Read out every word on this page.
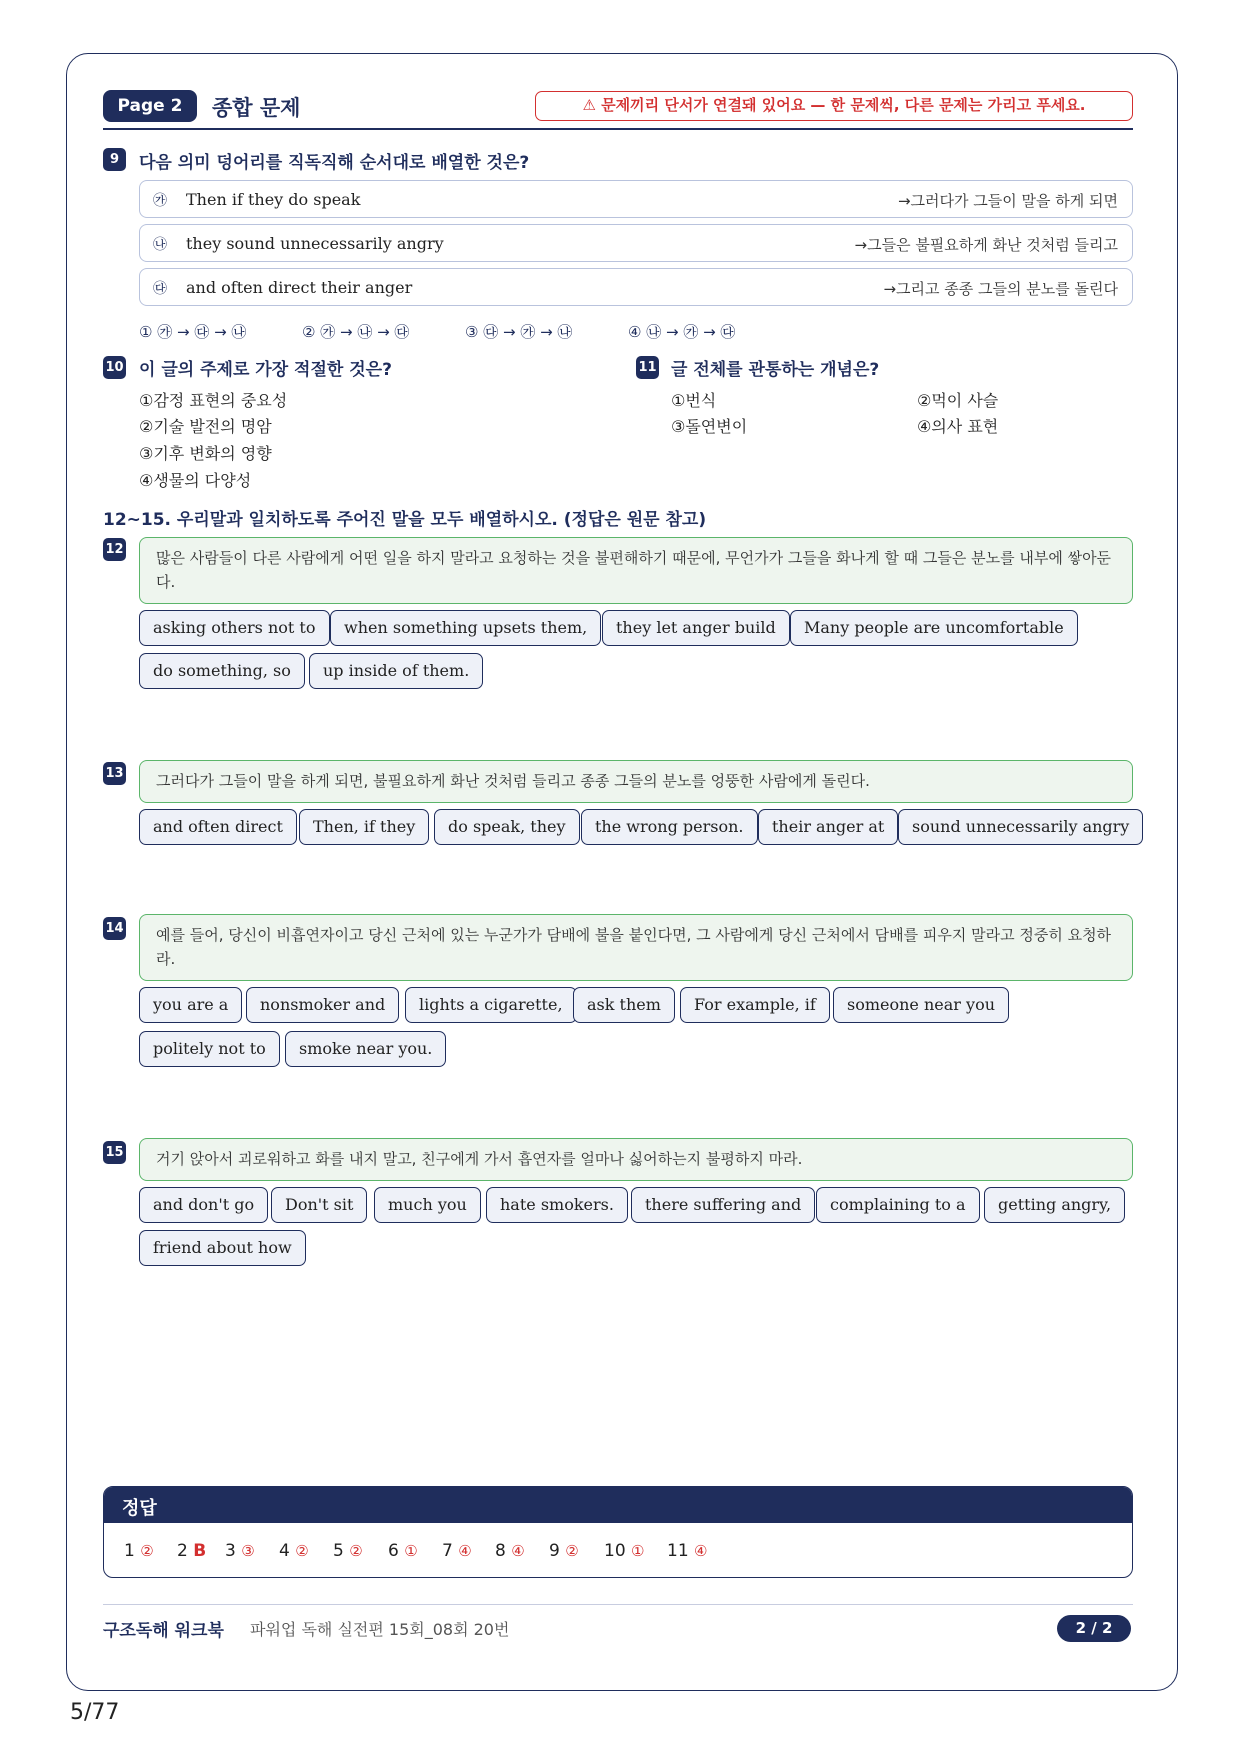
Page 2	종합 문제	⚠ 문제끼리 단서가 연결돼 있어요 — 한 문제씩, 다른 문제는 가리고 푸세요.
9	다음 의미 덩어리를 직독직해 순서대로 배열한 것은?
㉮ Then if they do speak	→그러다가 그들이 말을 하게 되면
㉯ they sound unnecessarily angry	→그들은 불필요하게 화난 것처럼 들리고
㉰ and often direct their anger	→그리고 종종 그들의 분노를 돌린다
① ㉮ → ㉰ → ㉯	② ㉮ → ㉯ → ㉰	③ ㉰ → ㉮ → ㉯	④ ㉯ → ㉮ → ㉰
10 이 글의 주제로 가장 적절한 것은?
①감정 표현의 중요성
②기술 발전의 명암
③기후 변화의 영향
④생물의 다양성
11 글 전체를 관통하는 개념은?
①번식	②먹이 사슬
③돌연변이	④의사 표현
12~15. 우리말과 일치하도록 주어진 말을 모두 배열하시오. (정답은 원문 참고)
12	많은 사람들이 다른 사람에게 어떤 일을 하지 말라고 요청하는 것을 불편해하기 때문에, 무언가가 그들을 화나게 할 때 그들은 분노를 내부에 쌓아둔다.
asking others not to	when something upsets them,	they let anger build	Many people are uncomfortable
do something, so	up inside of them.
13	그러다가 그들이 말을 하게 되면, 불필요하게 화난 것처럼 들리고 종종 그들의 분노를 엉뚱한 사람에게 돌린다.
and often direct	Then, if they	do speak, they	the wrong person.	their anger at	sound unnecessarily angry
14	예를 들어, 당신이 비흡연자이고 당신 근처에 있는 누군가가 담배에 불을 붙인다면, 그 사람에게 당신 근처에서 담배를 피우지 말라고 정중히 요청하라.
you are a	nonsmoker and	lights a cigarette,	ask them	For example, if	someone near you
politely not to	smoke near you.
15	거기 앉아서 괴로워하고 화를 내지 말고, 친구에게 가서 흡연자를 얼마나 싫어하는지 불평하지 마라.
and don't go	Don't sit	much you	hate smokers.	there suffering and	complaining to a	getting angry,
friend about how
정답
1 ② 2 B 3 ③ 4 ② 5 ② 6 ① 7 ④ 8 ④ 9 ② 10 ① 11 ④
구조독해 워크북 파워업 독해 실전편 15회_08회 20번	2 / 2
5/77
